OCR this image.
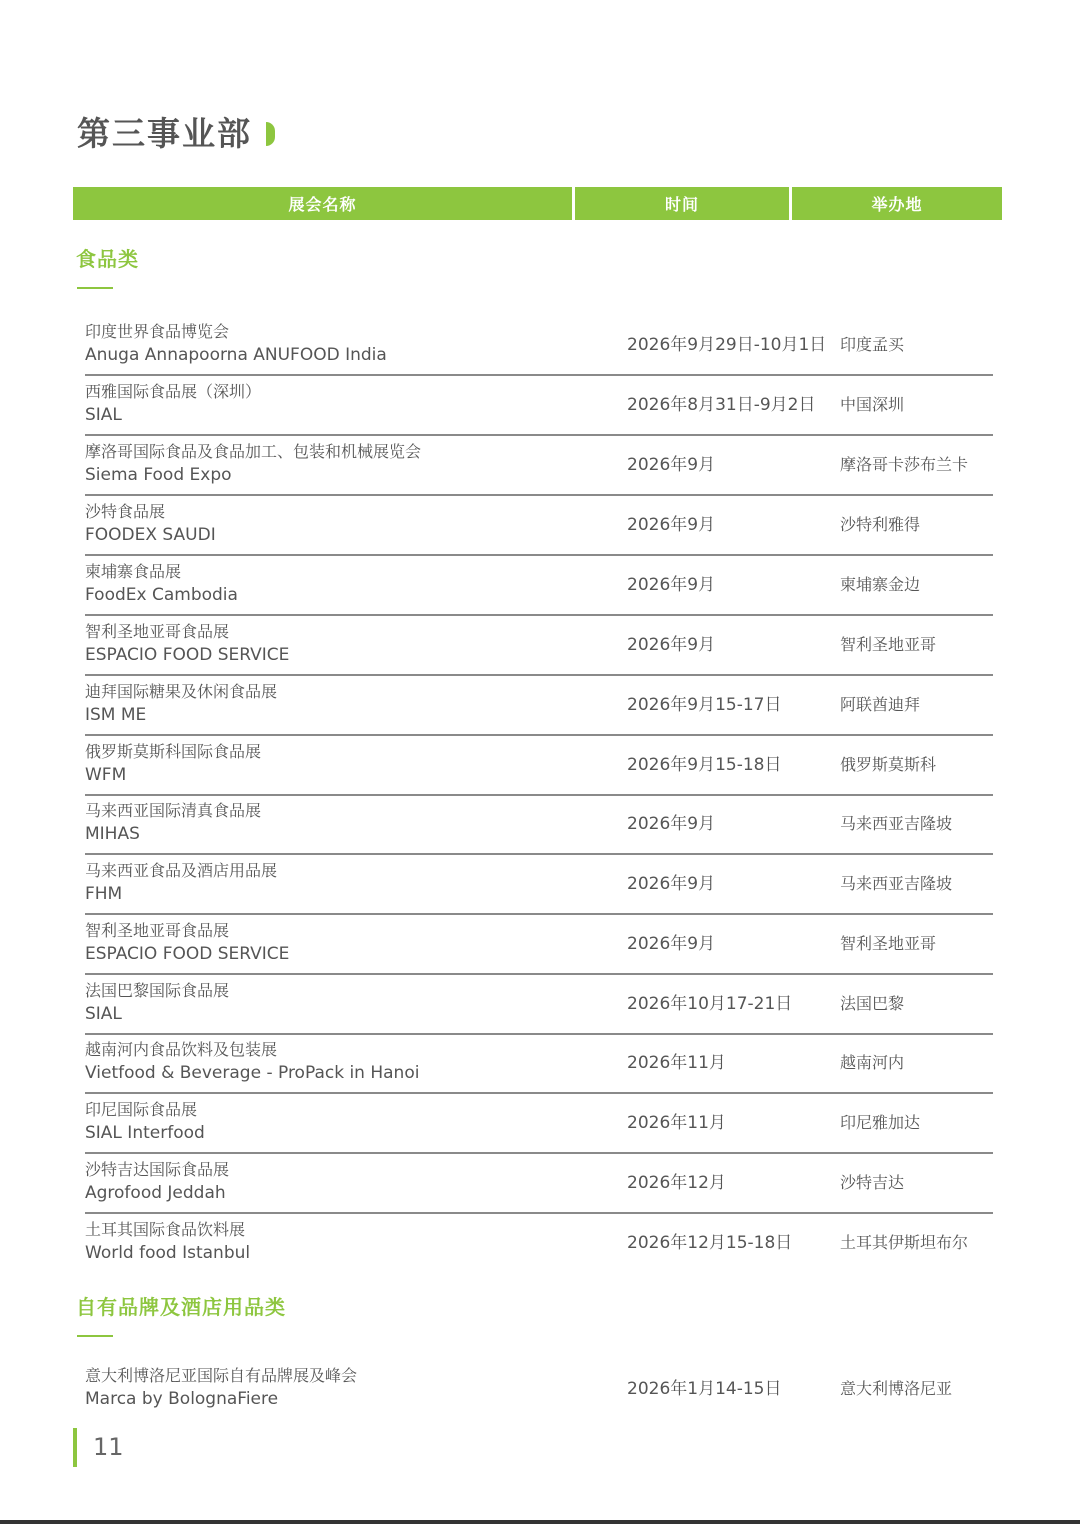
第三事业部
展会名称	时间	举办地
食品类
印度世界食品博览会
Anuga Annapoorna ANUFOOD India	2026年9月29日-10月1日 印度孟买
西雅国际食品展（深圳）
SIAL	2026年8月31日-9月2日 中国深圳
摩洛哥国际食品及食品加工、包装和机械展览会
Siema Food Expo	2026年9月	摩洛哥卡莎布兰卡
沙特食品展
FOODEX SAUDI	2026年9月	沙特利雅得
柬埔寨食品展
FoodEx Cambodia	2026年9月	柬埔寨金边
智利圣地亚哥食品展
ESPACIO FOOD SERVICE	2026年9月	智利圣地亚哥
迪拜国际糖果及休闲食品展
ISM ME	2026年9月15-17日	阿联酋迪拜
俄罗斯莫斯科国际食品展
WFM	2026年9月15-18日	俄罗斯莫斯科
马来西亚国际清真食品展
MIHAS	2026年9月	马来西亚吉隆坡
马来西亚食品及酒店用品展
FHM	2026年9月	马来西亚吉隆坡
智利圣地亚哥食品展
ESPACIO FOOD SERVICE	2026年9月	智利圣地亚哥
法国巴黎国际食品展
SIAL	2026年10月17-21日	法国巴黎
越南河内食品饮料及包装展
Vietfood & Beverage - ProPack in Hanoi	2026年11月	越南河内
印尼国际食品展
SIAL Interfood	2026年11月	印尼雅加达
沙特吉达国际食品展
Agrofood Jeddah	2026年12月	沙特吉达
土耳其国际食品饮料展
World food Istanbul	2026年12月15-18日	土耳其伊斯坦布尔
自有品牌及酒店用品类
意大利博洛尼亚国际自有品牌展及峰会
Marca by BolognaFiere	2026年1月14-15日	意大利博洛尼亚
11
